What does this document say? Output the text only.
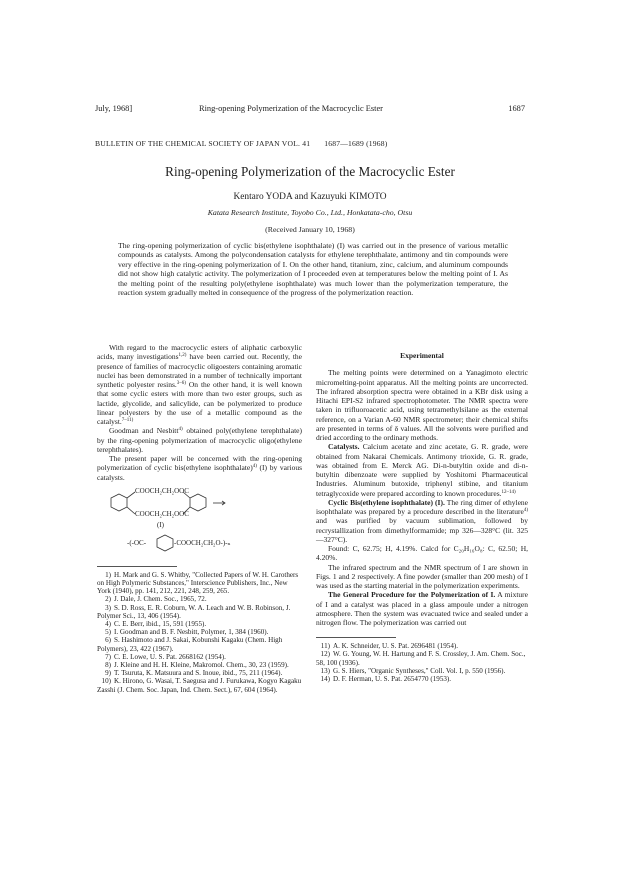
July, 1968]	Ring-opening Polymerization of the Macrocyclic Ester	1687
BULLETIN OF THE CHEMICAL SOCIETY OF JAPAN VOL. 41 1687—1689 (1968)
Ring-opening Polymerization of the Macrocyclic Ester
Kentaro YODA and Kazuyuki KIMOTO
Katata Research Institute, Toyobo Co., Ltd., Honkatata-cho, Otsu
(Received January 10, 1968)
The ring-opening polymerization of cyclic bis(ethylene isophthalate) (I) was carried out in the presence of various metallic compounds as catalysts. Among the polycondensation catalysts for ethylene terephthalate, antimony and tin compounds were very effective in the ring-opening polymerization of I. On the other hand, titanium, zinc, calcium, and aluminum compounds did not show high catalytic activity. The polymerization of I proceeded even at temperatures below the melting point of I. As the melting point of the resulting poly(ethylene isophthalate) was much lower than the polymerization temperature, the reaction system gradually melted in consequence of the progress of the polymerization reaction.

With regard to the macrocyclic esters of aliphatic carboxylic acids, many investigations$^{1,2)}$ have been carried out. Recently, the presence of families of macrocyclic oligoesters containing aromatic nuclei has been demonstrated in a number of technically important synthetic polyester resins.$^{3-6)}$ On the other hand, it is well known that some cyclic esters with more than two ester groups, such as lactide, glycolide, and salicylide, can be polymerized to produce linear polyesters by the use of a metallic compound as the catalyst.$^{7-11)}$

Goodman and Nesbitt$^{4)}$ obtained poly(ethylene terephthalate) by the ring-opening polymerization of macrocyclic oligo(ethylene terephthalates).

The present paper will be concerned with the ring-opening polymerization of cyclic bis(ethylene isophthalate)$^{4)}$ (I) by various catalysts.

COOCH₂CH₂OOC
COOCH₂CH₂OOC
(I)
-(-OC-	-COOCH₂CH₂O-)-ₙ

1) H. Mark and G. S. Whitby, "Collected Papers of W. H. Carothers on High Polymeric Substances," Interscience Publishers, Inc., New York (1940), pp. 141, 212, 221, 248, 259, 265.

2) J. Dale, J. Chem. Soc., 1965, 72.

3) S. D. Ross, E. R. Coburn, W. A. Leach and W. B. Robinson, J. Polymer Sci., 13, 406 (1954).

4) C. E. Berr, ibid., 15, 591 (1955).

5) I. Goodman and B. F. Nesbitt, Polymer, 1, 384 (1960).

6) S. Hashimoto and J. Sakai, Kobunshi Kagaku (Chem. High Polymers), 23, 422 (1967).

7) C. E. Lowe, U. S. Pat. 2668162 (1954).

8) J. Kleine and H. H. Kleine, Makromol. Chem., 30, 23 (1959).

9) T. Tsuruta, K. Matsuura and S. Inoue, ibid., 75, 211 (1964).

10) K. Hirono, G. Wasai, T. Saegusa and J. Furukawa, Kogyo Kagaku Zasshi (J. Chem. Soc. Japan, Ind. Chem. Sect.), 67, 604 (1964).

Experimental

The melting points were determined on a Yanagimoto electric micromelting-point apparatus. All the melting points are uncorrected. The infrared absorption spectra were obtained in a KBr disk using a Hitachi EPI-S2 infrared spectrophotometer. The NMR spectra were taken in trifluoroacetic acid, using tetramethylsilane as the external reference, on a Varian A-60 NMR spectrometer; their chemical shifts are presented in terms of δ values. All the solvents were purified and dried according to the ordinary methods.

Catalysts. Calcium acetate and zinc acetate, G. R. grade, were obtained from Nakarai Chemicals. Antimony trioxide, G. R. grade, was obtained from E. Merck AG. Di-n-butyltin oxide and di-n-butyltin dibenzoate were supplied by Yoshitomi Pharmaceutical Industries. Aluminum butoxide, triphenyl stibine, and titanium tetraglycoxide were prepared according to known procedures.$^{12-14)}$

Cyclic Bis(ethylene isophthalate) (I). The ring dimer of ethylene isophthalate was prepared by a procedure described in the literature$^{4)}$ and was purified by vacuum sublimation, followed by recrystallization from dimethylformamide; mp 326—328°C (lit. 325—327°C).

Found: C, 62.75; H, 4.19%. Calcd for C₂₀H₁₆O₈: C, 62.50; H, 4.20%.

The infrared spectrum and the NMR spectrum of I are shown in Figs. 1 and 2 respectively. A fine powder (smaller than 200 mesh) of I was used as the starting material in the polymerization experiments.

The General Procedure for the Polymerization of I. A mixture of I and a catalyst was placed in a glass ampoule under a nitrogen atmosphere. Then the system was evacuated twice and sealed under a nitrogen flow. The polymerization was carried out

11) A. K. Schneider, U. S. Pat. 2696481 (1954).

12) W. G. Young, W. H. Hartung and F. S. Crossley, J. Am. Chem. Soc., 58, 100 (1936).

13) G. S. Hiers, "Organic Syntheses," Coll. Vol. I, p. 550 (1956).

14) D. F. Herman, U. S. Pat. 2654770 (1953).
